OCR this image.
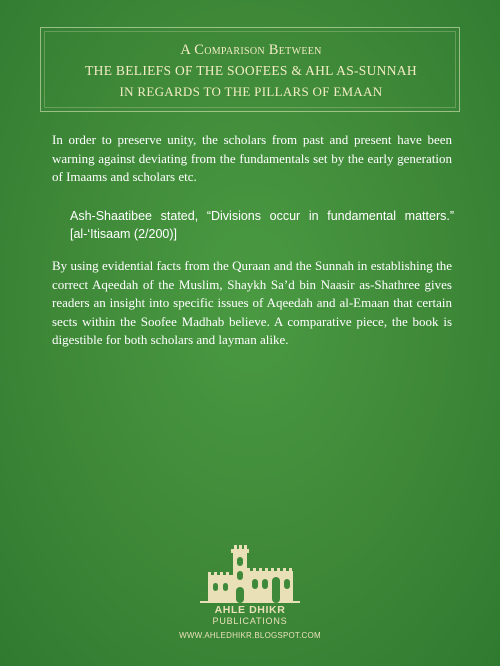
A Comparison Between
THE BELIEFS OF THE SOOFEES & AHL AS-SUNNAH
IN REGARDS TO THE PILLARS OF EMAAN
In order to preserve unity, the scholars from past and present have been warning against deviating from the fundamentals set by the early generation of Imaams and scholars etc.
Ash-Shaatibee stated, “Divisions occur in fundamental matters.” [al-‘Itisaam (2/200)]
By using evidential facts from the Quraan and the Sunnah in establishing the correct Aqeedah of the Muslim, Shaykh Sa’d bin Naasir as-Shathree gives readers an insight into specific issues of Aqeedah and al-Emaan that certain sects within the Soofee Madhab believe. A comparative piece, the book is digestible for both scholars and layman alike.
AHLE DHIKR
PUBLICATIONS
WWW.AHLEDHIKR.BLOGSPOT.COM
